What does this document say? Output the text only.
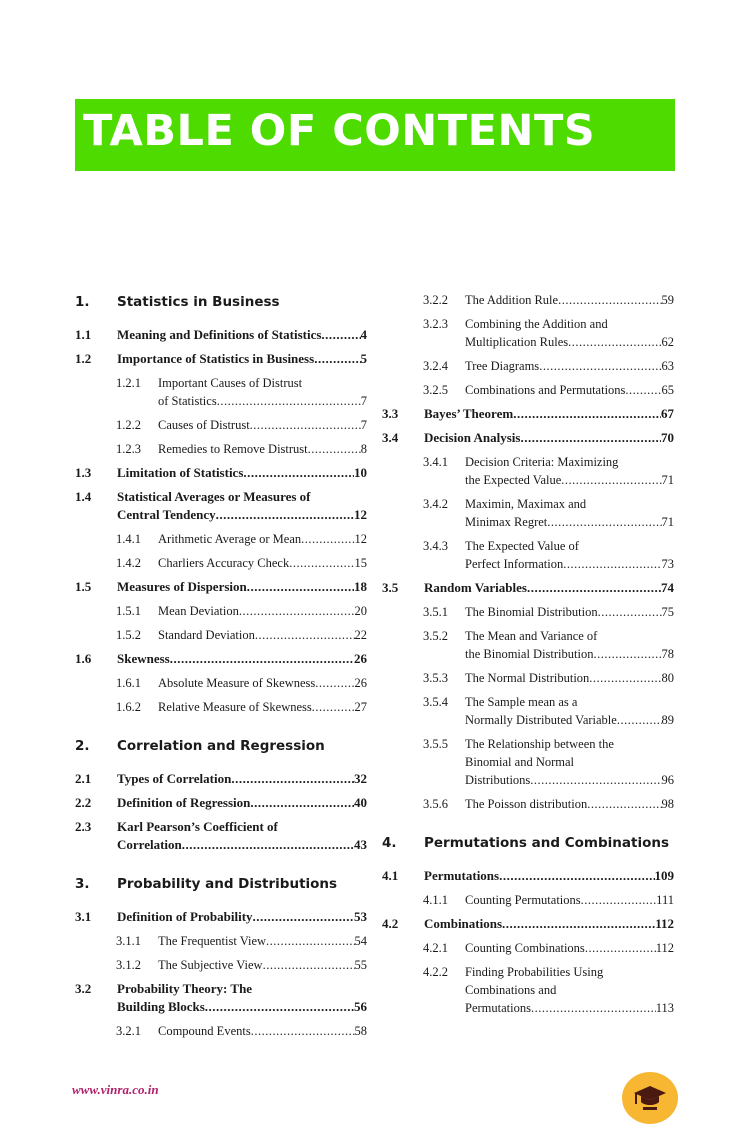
TABLE OF CONTENTS
1. Statistics in Business
1.1 Meaning and Definitions of Statistics .....	4
1.2 Importance of Statistics in Business .....	5
1.2.1 Important Causes of Distrust
of Statistics .....	7
1.2.2 Causes of Distrust .....	7
1.2.3 Remedies to Remove Distrust .....	8
1.3 Limitation of Statistics .....	10
1.4 Statistical Averages or Measures of
Central Tendency .....	12
1.4.1 Arithmetic Average or Mean .....	12
1.4.2 Charliers Accuracy Check .....	15
1.5 Measures of Dispersion .....	18
1.5.1 Mean Deviation .....	20
1.5.2 Standard Deviation .....	22
1.6 Skewness .....	26
1.6.1 Absolute Measure of Skewness .....	26
1.6.2 Relative Measure of Skewness .....	27
2. Correlation and Regression
2.1 Types of Correlation .....	32
2.2 Definition of Regression .....	40
2.3 Karl Pearson’s Coefficient of
Correlation .....	43
3. Probability and Distributions
3.1 Definition of Probability .....	53
3.1.1 The Frequentist View .....	54
3.1.2 The Subjective View .....	55
3.2 Probability Theory: The
Building Blocks .....	56
3.2.1 Compound Events .....	58
3.2.2 The Addition Rule .....	59
3.2.3 Combining the Addition and
Multiplication Rules .....	62
3.2.4 Tree Diagrams .....	63
3.2.5 Combinations and Permutations .....	65
3.3 Bayes’ Theorem .....	67
3.4 Decision Analysis .....	70
3.4.1 Decision Criteria: Maximizing
the Expected Value .....	71
3.4.2 Maximin, Maximax and
Minimax Regret .....	71
3.4.3 The Expected Value of
Perfect Information .....	73
3.5 Random Variables .....	74
3.5.1 The Binomial Distribution .....	75
3.5.2 The Mean and Variance of
the Binomial Distribution .....	78
3.5.3 The Normal Distribution .....	80
3.5.4 The Sample mean as a
Normally Distributed Variable .....	89
3.5.5 The Relationship between the
Binomial and Normal
Distributions .....	96
3.5.6 The Poisson distribution .....	98
4. Permutations and Combinations
4.1 Permutations .....	109
4.1.1 Counting Permutations .....	111
4.2 Combinations .....	112
4.2.1 Counting Combinations .....	112
4.2.2 Finding Probabilities Using
Combinations and
Permutations .....	113
www.vinra.co.in
